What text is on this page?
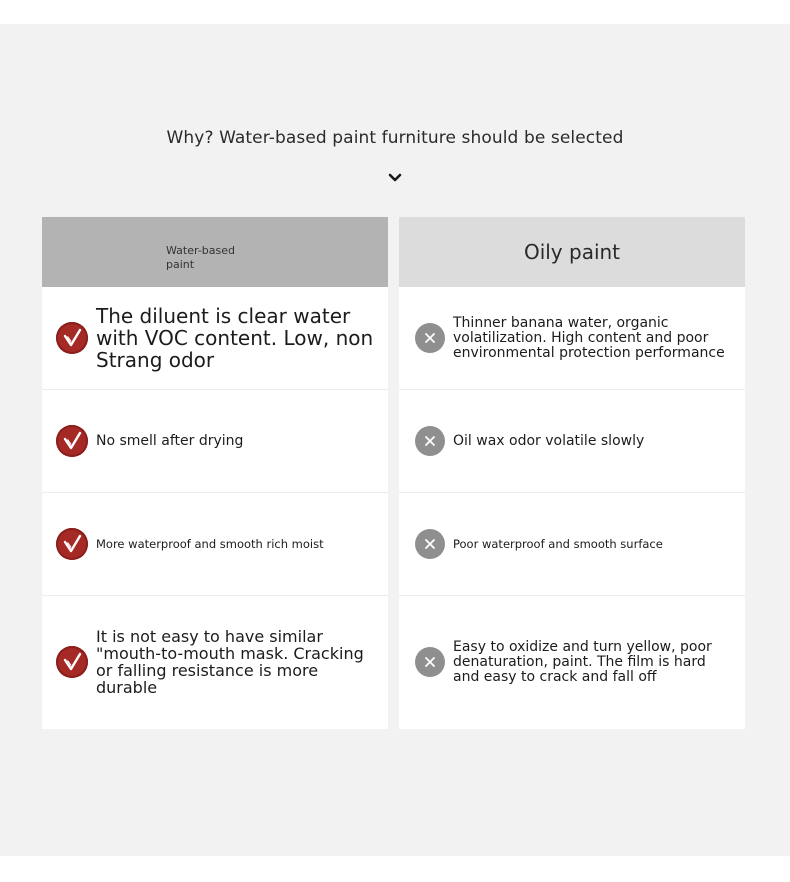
Why? Water-based paint furniture should be selected
Water-based paint
The diluent is clear water with VOC content. Low, non Strang odor
No smell after drying
More waterproof and smooth rich moist
It is not easy to have similar "mouth-to-mouth mask. Cracking or falling resistance is more durable
Oily paint
Thinner banana water, organic volatilization. High content and poor environmental protection performance
Oil wax odor volatile slowly
Poor waterproof and smooth surface
Easy to oxidize and turn yellow, poor denaturation, paint. The film is hard and easy to crack and fall off
